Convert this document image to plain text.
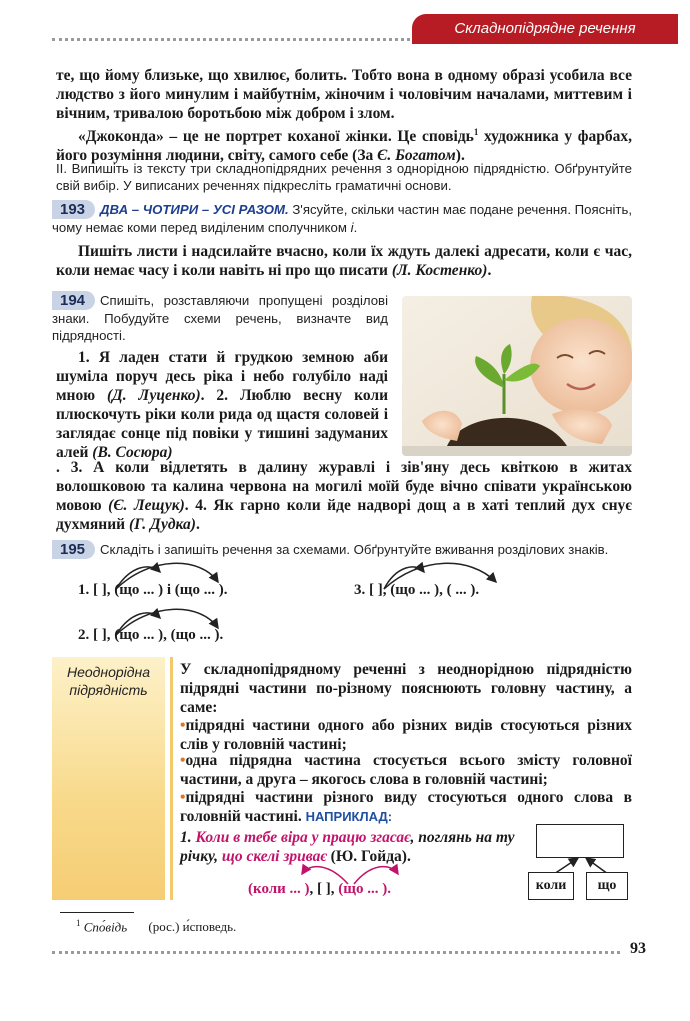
Складнопідрядне речення

те, що йому близьке, що хвилює, болить. Тобто вона в одному образі усобила все людство з його минулим і майбутнім, жіночим і чоловічим началами, миттевим і вічним, тривалою боротьбою між добром і злом.

«Джоконда» – це не портрет коханої жінки. Це сповідь$^1$ художника у фарбах, його розуміння людини, світу, самого себе (За Є. Богатом).

ІІ. Випишіть із тексту три складнопідрядних речення з однорідною підрядністю. Обґрунтуйте свій вибір. У виписаних реченнях підкресліть граматичні основи.

193 ДВА – ЧОТИРИ – УСІ РАЗОМ. З'ясуйте, скільки частин має подане речення. Поясніть, чому немає коми перед виділеним сполучником і.

Пишіть листи і надсилайте вчасно, коли їх ждуть далекі адресати, коли є час, коли немає часу і коли навіть ні про що писати (Л. Костенко).

194 Спишіть, розставляючи пропущені розділові знаки. Побудуйте схеми речень, визначте вид підрядності.

1. Я ладен стати й грудкою земною аби шуміла поруч десь ріка і небо голубіло наді мною (Д. Луценко). 2. Люблю весну коли плюскочуть ріки коли рида од щастя соловей і заглядає сонце під повіки у тишині задуманих алей (В. Сосюра)

. 3. А коли відлетять в далину журавлі і зів'яну десь квіткою в житах волошковою та калина червона на могилі моїй буде вічно співати українською мовою (Є. Лещук). 4. Як гарно коли йде надворі дощ а в хаті теплий дух снує духмяний (Г. Дудка).

195 Складіть і запишіть речення за схемами. Обґрунтуйте вживання розділових знаків.

1. [ ], (що ... ) і (що ... ).	3. [ ], (що ... ), ( ... ).
2. [ ], (що ... ), (що ... ).
Неоднорідна
підрядність

У складнопідрядному реченні з неоднорідною підрядністю підрядні частини по-різному пояснюють головну частину, а саме:

•підрядні частини одного або різних видів стосуються різних слів у головній частині;

•одна підрядна частина стосується всього змісту головної частини, а друга – якогось слова в головній частині;

•підрядні частини різного виду стосуються одного слова в головній частині. НАПРИКЛАД:

1. Коли в тебе віра у працю згасає, поглянь на ту річку, що скелі зриває (Ю. Гойда).

(коли ... ), [ ], (що ... ).	коли	що
$^1$ Спо́відь (рос.) и́споведь.
93
